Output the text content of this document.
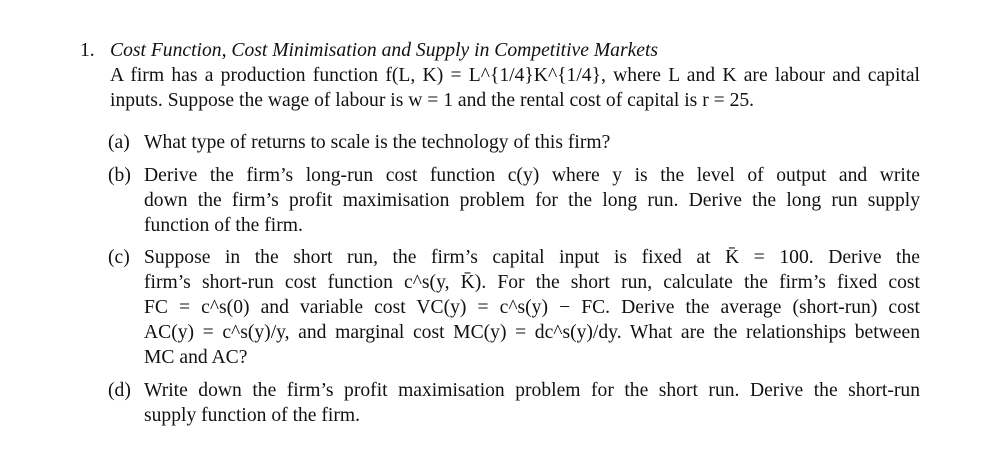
1. Cost Function, Cost Minimisation and Supply in Competitive Markets
A firm has a production function f(L, K) = L^{1/4}K^{1/4}, where L and K are labour and capital
inputs. Suppose the wage of labour is w = 1 and the rental cost of capital is r = 25.
(a) What type of returns to scale is the technology of this firm?
(b) Derive the firm’s long-run cost function c(y) where y is the level of output and write
down the firm’s profit maximisation problem for the long run. Derive the long run supply
function of the firm.
(c) Suppose in the short run, the firm’s capital input is fixed at K̄ = 100. Derive the
firm’s short-run cost function c^s(y, K̄). For the short run, calculate the firm’s fixed cost
FC = c^s(0) and variable cost VC(y) = c^s(y) − FC. Derive the average (short-run) cost
AC(y) = c^s(y)/y, and marginal cost MC(y) = dc^s(y)/dy. What are the relationships between
MC and AC?
(d) Write down the firm’s profit maximisation problem for the short run. Derive the short-run
supply function of the firm.
